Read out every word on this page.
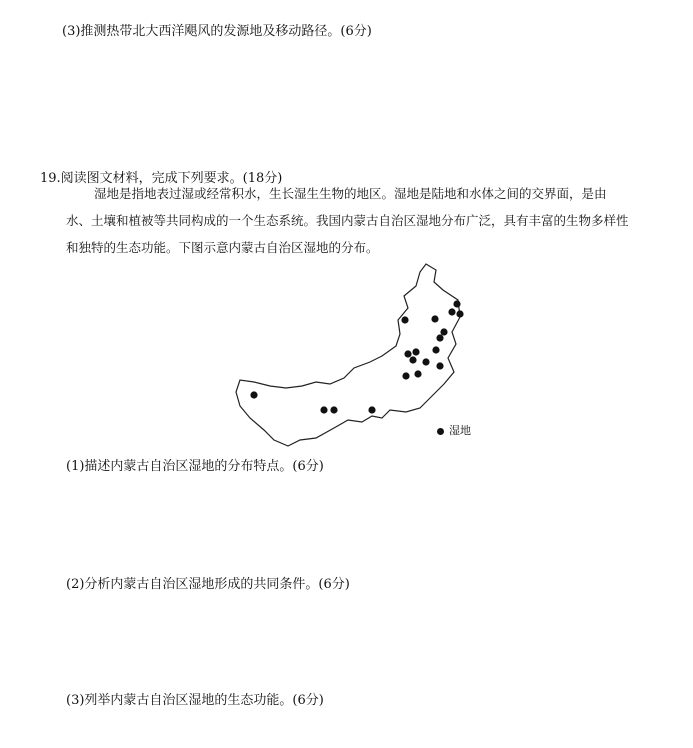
(3)推测热带北大西洋飓风的发源地及移动路径。(6分)
19.阅读图文材料，完成下列要求。(18分)

湿地是指地表过湿或经常积水，生长湿生生物的地区。湿地是陆地和水体之间的交界面，是由水、土壤和植被等共同构成的一个生态系统。我国内蒙古自治区湿地分布广泛，具有丰富的生物多样性和独特的生态功能。下图示意内蒙古自治区湿地的分布。

湿地
(1)描述内蒙古自治区湿地的分布特点。(6分)
(2)分析内蒙古自治区湿地形成的共同条件。(6分)
(3)列举内蒙古自治区湿地的生态功能。(6分)
